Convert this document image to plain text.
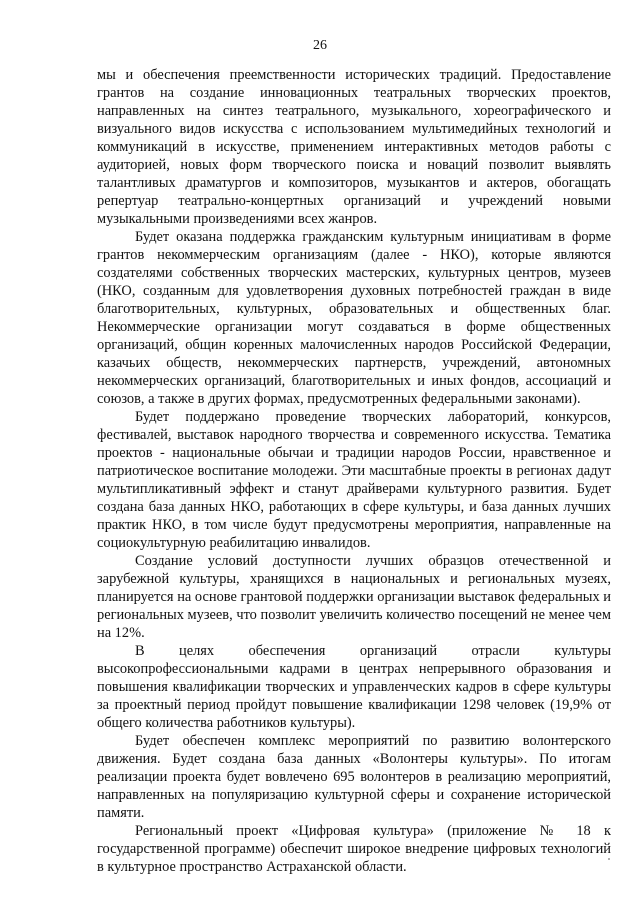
26

мы и обеспечения преемственности исторических традиций. Предоставление грантов на создание инновационных театральных творческих проектов, направленных на синтез театрального, музыкального, хореографического и визуального видов искусства с использованием мультимедийных технологий и коммуникаций в искусстве, применением интерактивных методов работы с аудиторией, новых форм творческого поиска и новаций позволит выявлять талантливых драматургов и композиторов, музыкантов и актеров, обогащать репертуар театрально-концертных организаций и учреждений новыми музыкальными произведениями всех жанров.

Будет оказана поддержка гражданским культурным инициативам в форме грантов некоммерческим организациям (далее - НКО), которые являются создателями собственных творческих мастерских, культурных центров, музеев (НКО, созданным для удовлетворения духовных потребностей граждан в виде благотворительных, культурных, образовательных и общественных благ. Некоммерческие организации могут создаваться в форме общественных организаций, общин коренных малочисленных народов Российской Федерации, казачьих обществ, некоммерческих партнерств, учреждений, автономных некоммерческих организаций, благотворительных и иных фондов, ассоциаций и союзов, а также в других формах, предусмотренных федеральными законами).

Будет поддержано проведение творческих лабораторий, конкурсов, фестивалей, выставок народного творчества и современного искусства. Тематика проектов - национальные обычаи и традиции народов России, нравственное и патриотическое воспитание молодежи. Эти масштабные проекты в регионах дадут мультипликативный эффект и станут драйверами культурного развития. Будет создана база данных НКО, работающих в сфере культуры, и база данных лучших практик НКО, в том числе будут предусмотрены мероприятия, направленные на социокультурную реабилитацию инвалидов.

Создание условий доступности лучших образцов отечественной и зарубежной культуры, хранящихся в национальных и региональных музеях, планируется на основе грантовой поддержки организации выставок федеральных и региональных музеев, что позволит увеличить количество посещений не менее чем на 12%.

В целях обеспечения организаций отрасли культуры высокопрофессиональными кадрами в центрах непрерывного образования и повышения квалификации творческих и управленческих кадров в сфере культуры за проектный период пройдут повышение квалификации 1298 человек (19,9% от общего количества работников культуры).

Будет обеспечен комплекс мероприятий по развитию волонтерского движения. Будет создана база данных «Волонтеры культуры». По итогам реализации проекта будет вовлечено 695 волонтеров в реализацию мероприятий, направленных на популяризацию культурной сферы и сохранение исторической памяти.

Региональный проект «Цифровая культура» (приложение № 18 к государственной программе) обеспечит широкое внедрение цифровых технологий в культурное пространство Астраханской области.
